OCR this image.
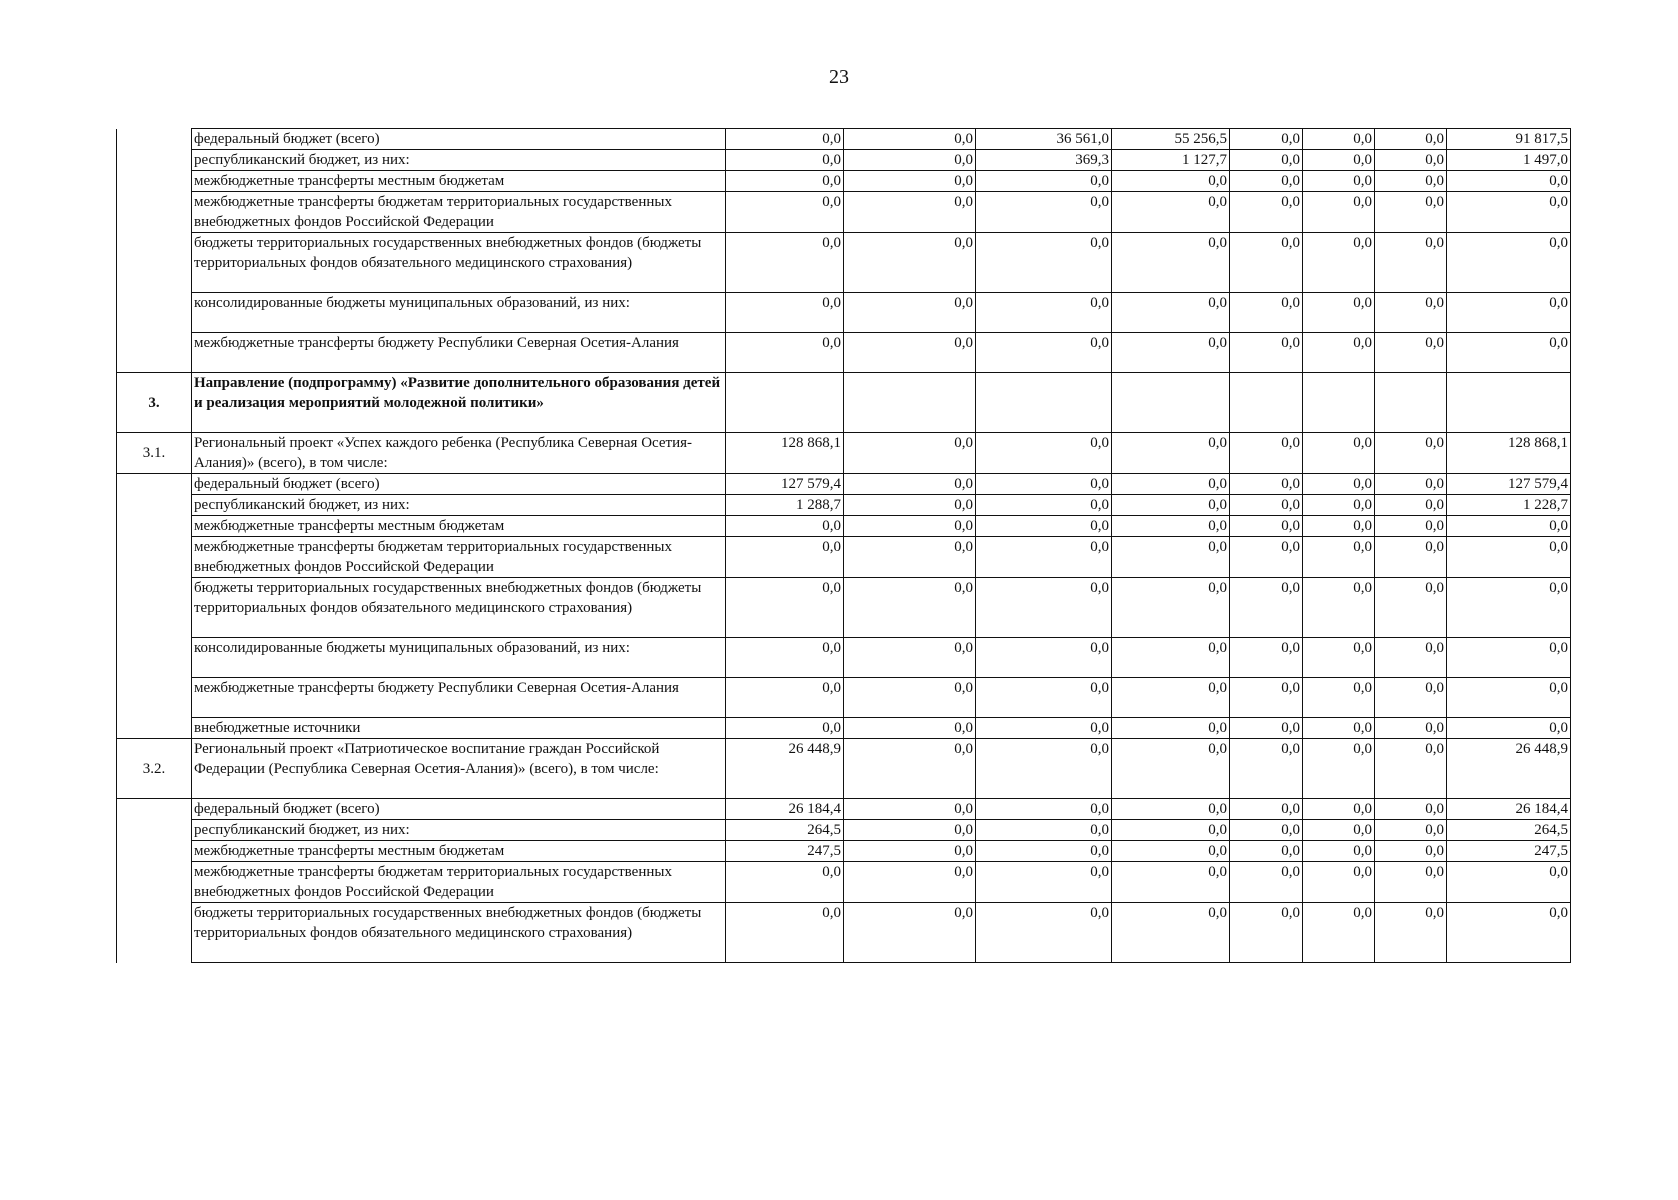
23
	федеральный бюджет (всего)	0,0	0,0	36 561,0	55 256,5	0,0	0,0	0,0	91 817,5
	республиканский бюджет, из них:	0,0	0,0	369,3	1 127,7	0,0	0,0	0,0	1 497,0
	межбюджетные трансферты местным бюджетам	0,0	0,0	0,0	0,0	0,0	0,0	0,0	0,0
	межбюджетные трансферты бюджетам территориальных государственных внебюджетных фондов Российской Федерации	0,0	0,0	0,0	0,0	0,0	0,0	0,0	0,0
	бюджеты территориальных государственных внебюджетных фондов (бюджеты территориальных фондов обязательного медицинского страхования)	0,0	0,0	0,0	0,0	0,0	0,0	0,0	0,0
	консолидированные бюджеты муниципальных образований, из них:	0,0	0,0	0,0	0,0	0,0	0,0	0,0	0,0
	межбюджетные трансферты бюджету Республики Северная Осетия-Алания	0,0	0,0	0,0	0,0	0,0	0,0	0,0	0,0
3.	Направление (подпрограмму) «Развитие дополнительного образования детей и реализация мероприятий молодежной политики»								
3.1.	Региональный проект «Успех каждого ребенка (Республика Северная Осетия-Алания)» (всего), в том числе:	128 868,1	0,0	0,0	0,0	0,0	0,0	0,0	128 868,1
	федеральный бюджет (всего)	127 579,4	0,0	0,0	0,0	0,0	0,0	0,0	127 579,4
	республиканский бюджет, из них:	1 288,7	0,0	0,0	0,0	0,0	0,0	0,0	1 228,7
	межбюджетные трансферты местным бюджетам	0,0	0,0	0,0	0,0	0,0	0,0	0,0	0,0
	межбюджетные трансферты бюджетам территориальных государственных внебюджетных фондов Российской Федерации	0,0	0,0	0,0	0,0	0,0	0,0	0,0	0,0
	бюджеты территориальных государственных внебюджетных фондов (бюджеты территориальных фондов обязательного медицинского страхования)	0,0	0,0	0,0	0,0	0,0	0,0	0,0	0,0
	консолидированные бюджеты муниципальных образований, из них:	0,0	0,0	0,0	0,0	0,0	0,0	0,0	0,0
	межбюджетные трансферты бюджету Республики Северная Осетия-Алания	0,0	0,0	0,0	0,0	0,0	0,0	0,0	0,0
	внебюджетные источники	0,0	0,0	0,0	0,0	0,0	0,0	0,0	0,0
3.2.	Региональный проект «Патриотическое воспитание граждан Российской Федерации (Республика Северная Осетия-Алания)» (всего), в том числе:	26 448,9	0,0	0,0	0,0	0,0	0,0	0,0	26 448,9
	федеральный бюджет (всего)	26 184,4	0,0	0,0	0,0	0,0	0,0	0,0	26 184,4
	республиканский бюджет, из них:	264,5	0,0	0,0	0,0	0,0	0,0	0,0	264,5
	межбюджетные трансферты местным бюджетам	247,5	0,0	0,0	0,0	0,0	0,0	0,0	247,5
	межбюджетные трансферты бюджетам территориальных государственных внебюджетных фондов Российской Федерации	0,0	0,0	0,0	0,0	0,0	0,0	0,0	0,0
	бюджеты территориальных государственных внебюджетных фондов (бюджеты территориальных фондов обязательного медицинского страхования)	0,0	0,0	0,0	0,0	0,0	0,0	0,0	0,0
